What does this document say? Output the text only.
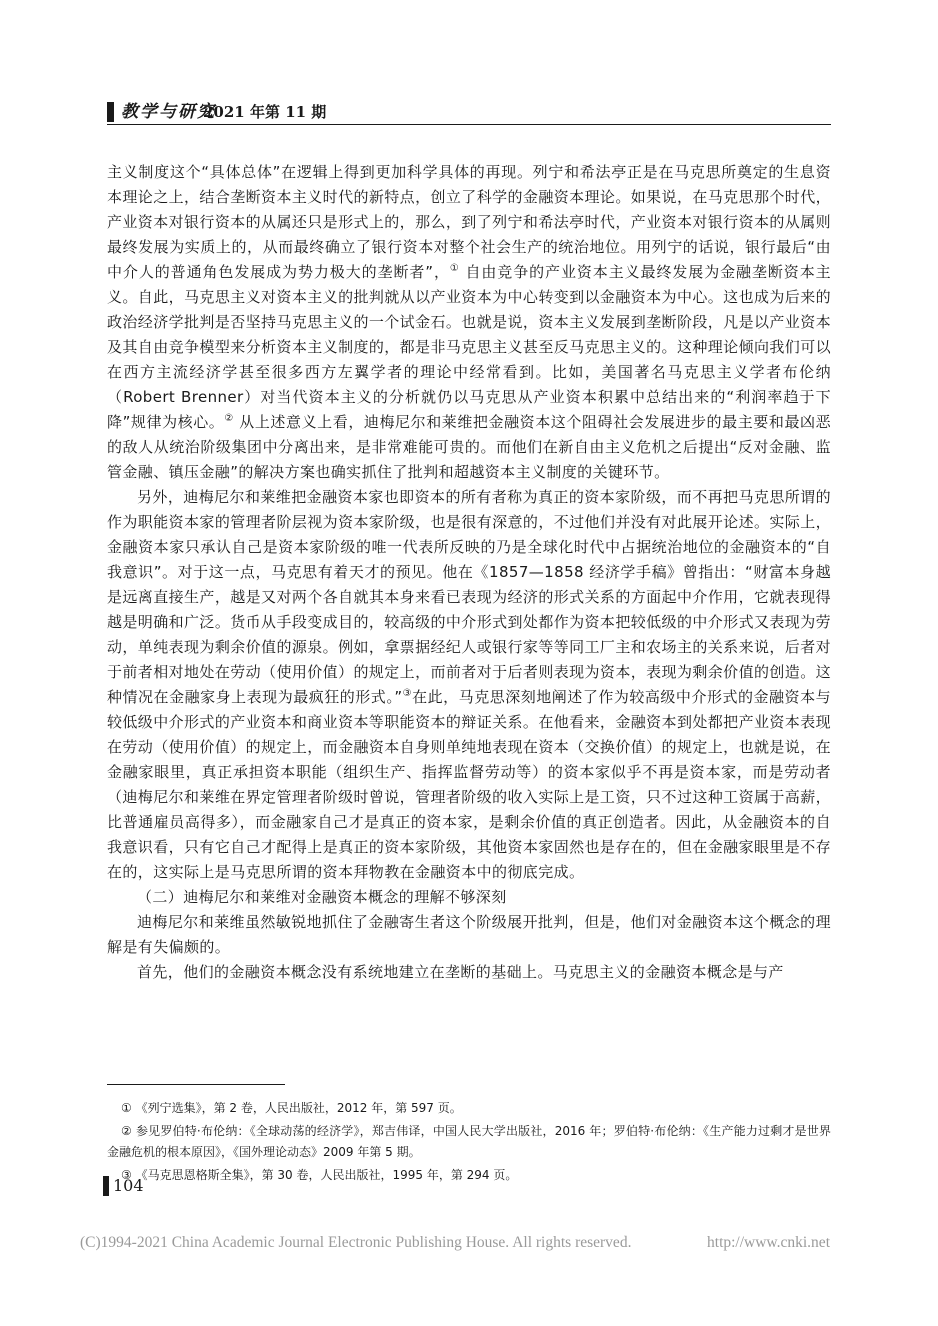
教学与研究
2021 年第 11 期

主义制度这个“具体总体”在逻辑上得到更加科学具体的再现。列宁和希法亭正是在马克思所奠定的生息资本理论之上，结合垄断资本主义时代的新特点，创立了科学的金融资本理论。如果说，在马克思那个时代，产业资本对银行资本的从属还只是形式上的，那么，到了列宁和希法亭时代，产业资本对银行资本的从属则最终发展为实质上的，从而最终确立了银行资本对整个社会生产的统治地位。用列宁的话说，银行最后“由中介人的普通角色发展成为势力极大的垄断者”，① 自由竞争的产业资本主义最终发展为金融垄断资本主义。自此，马克思主义对资本主义的批判就从以产业资本为中心转变到以金融资本为中心。这也成为后来的政治经济学批判是否坚持马克思主义的一个试金石。也就是说，资本主义发展到垄断阶段，凡是以产业资本及其自由竞争模型来分析资本主义制度的，都是非马克思主义甚至反马克思主义的。这种理论倾向我们可以在西方主流经济学甚至很多西方左翼学者的理论中经常看到。比如，美国著名马克思主义学者布伦纳（Robert Brenner）对当代资本主义的分析就仍以马克思从产业资本积累中总结出来的“利润率趋于下降”规律为核心。② 从上述意义上看，迪梅尼尔和莱维把金融资本这个阻碍社会发展进步的最主要和最凶恶的敌人从统治阶级集团中分离出来，是非常难能可贵的。而他们在新自由主义危机之后提出“反对金融、监管金融、镇压金融”的解决方案也确实抓住了批判和超越资本主义制度的关键环节。

另外，迪梅尼尔和莱维把金融资本家也即资本的所有者称为真正的资本家阶级，而不再把马克思所谓的作为职能资本家的管理者阶层视为资本家阶级，也是很有深意的，不过他们并没有对此展开论述。实际上，金融资本家只承认自己是资本家阶级的唯一代表所反映的乃是全球化时代中占据统治地位的金融资本的“自我意识”。对于这一点，马克思有着天才的预见。他在《1857—1858 经济学手稿》曾指出：“财富本身越是远离直接生产，越是又对两个各自就其本身来看已表现为经济的形式关系的方面起中介作用，它就表现得越是明确和广泛。货币从手段变成目的，较高级的中介形式到处都作为资本把较低级的中介形式又表现为劳动，单纯表现为剩余价值的源泉。例如，拿票据经纪人或银行家等等同工厂主和农场主的关系来说，后者对于前者相对地处在劳动（使用价值）的规定上，而前者对于后者则表现为资本，表现为剩余价值的创造。这种情况在金融家身上表现为最疯狂的形式。”③在此，马克思深刻地阐述了作为较高级中介形式的金融资本与较低级中介形式的产业资本和商业资本等职能资本的辩证关系。在他看来，金融资本到处都把产业资本表现在劳动（使用价值）的规定上，而金融资本自身则单纯地表现在资本（交换价值）的规定上，也就是说，在金融家眼里，真正承担资本职能（组织生产、指挥监督劳动等）的资本家似乎不再是资本家，而是劳动者（迪梅尼尔和莱维在界定管理者阶级时曾说，管理者阶级的收入实际上是工资，只不过这种工资属于高薪，比普通雇员高得多），而金融家自己才是真正的资本家，是剩余价值的真正创造者。因此，从金融资本的自我意识看，只有它自己才配得上是真正的资本家阶级，其他资本家固然也是存在的，但在金融家眼里是不存在的，这实际上是马克思所谓的资本拜物教在金融资本中的彻底完成。

（二）迪梅尼尔和莱维对金融资本概念的理解不够深刻

迪梅尼尔和莱维虽然敏锐地抓住了金融寄生者这个阶级展开批判，但是，他们对金融资本这个概念的理解是有失偏颇的。

首先，他们的金融资本概念没有系统地建立在垄断的基础上。马克思主义的金融资本概念是与产

① 《列宁选集》，第 2 卷，人民出版社，2012 年，第 597 页。

② 参见罗伯特·布伦纳：《全球动荡的经济学》，郑吉伟译，中国人民大学出版社，2016 年；罗伯特·布伦纳：《生产能力过剩才是世界金融危机的根本原因》，《国外理论动态》2009 年第 5 期。

③ 《马克思恩格斯全集》，第 30 卷，人民出版社，1995 年，第 294 页。

104
(C)1994-2021 China Academic Journal Electronic Publishing House. All rights reserved.	http://www.cnki.net
